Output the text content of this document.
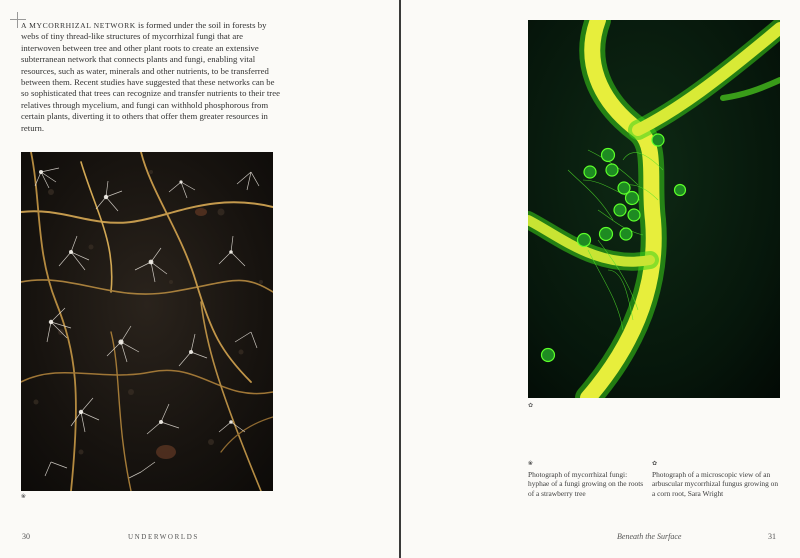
A MYCORRHIZAL NETWORK is formed under the soil in forests by webs of tiny thread-like structures of mycorrhizal fungi that are interwoven between tree and other plant roots to create an extensive subterranean network that connects plants and fungi, enabling vital resources, such as water, minerals and other nutrients, to be transferred between them. Recent studies have suggested that these networks can be so sophisticated that trees can recognize and transfer nutrients to their tree relatives through mycelium, and fungi can withhold phosphorous from certain plants, diverting it to others that offer them greater resources in return.

❀
30	UNDERWORLDS
✿
❀
Photograph of mycorrhizal fungi: hyphae of a fungi growing on the roots of a strawberry tree
✿
Photograph of a microscopic view of an arbuscular mycorrhizal fungus growing on a corn root, Sara Wright
Beneath the Surface	31
